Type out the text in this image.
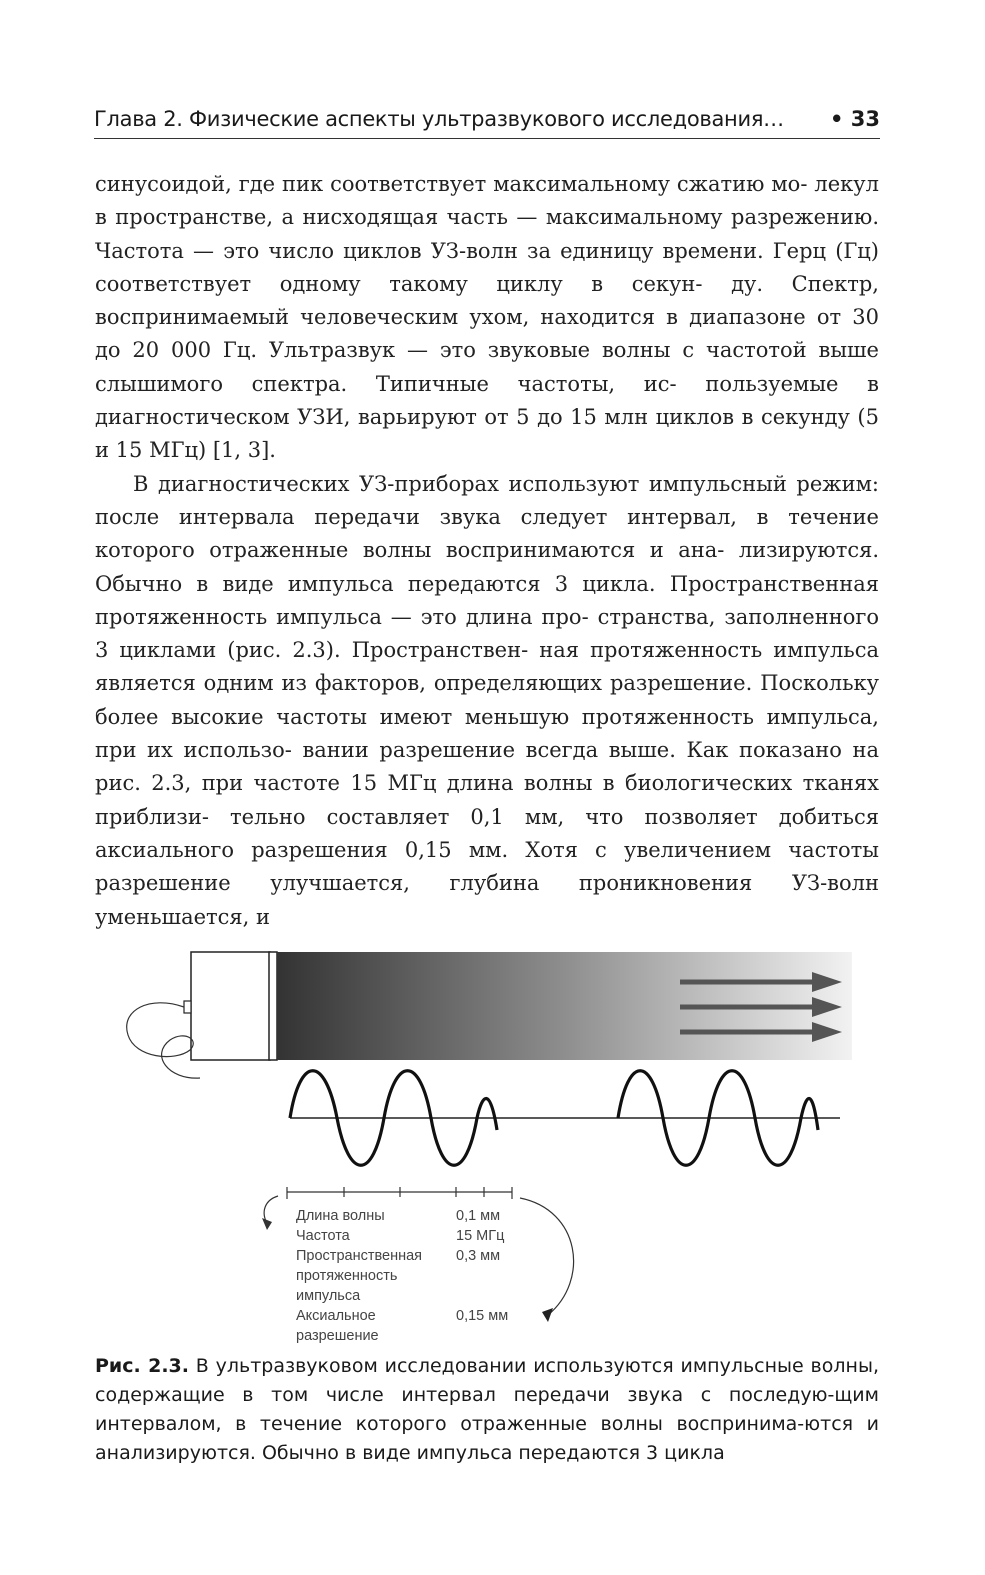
Глава 2. Физические аспекты ультразвукового исследования… • 33

синусоидой, где пик соответствует максимальному сжатию мо- лекул в пространстве, а нисходящая часть — максимальному разрежению. Частота — это число циклов УЗ-волн за единицу времени. Герц (Гц) соответствует одному такому циклу в секун- ду. Спектр, воспринимаемый человеческим ухом, находится в диапазоне от 30 до 20 000 Гц. Ультразвук — это звуковые волны с частотой выше слышимого спектра. Типичные частоты, ис- пользуемые в диагностическом УЗИ, варьируют от 5 до 15 млн циклов в секунду (5 и 15 МГц) [1, 3].

В диагностических УЗ-приборах используют импульсный режим: после интервала передачи звука следует интервал, в течение которого отраженные волны воспринимаются и ана- лизируются. Обычно в виде импульса передаются 3 цикла. Пространственная протяженность импульса — это длина про- странства, заполненного 3 циклами (рис. 2.3). Пространствен- ная протяженность импульса является одним из факторов, определяющих разрешение. Поскольку более высокие частоты имеют меньшую протяженность импульса, при их использо- вании разрешение всегда выше. Как показано на рис. 2.3, при частоте 15 МГц длина волны в биологических тканях приблизи- тельно составляет 0,1 мм, что позволяет добиться аксиального разрешения 0,15 мм. Хотя с увеличением частоты разрешение улучшается, глубина проникновения УЗ-волн уменьшается, и

Длина волны	0,1 мм
Частота	15 МГц
Пространственная протяженность импульса
0,3 мм
Аксиальное разрешение
0,15 мм
Рис. 2.3. В ультразвуковом исследовании используются импульсные волны, содержащие в том числе интервал передачи звука с последую-щим интервалом, в течение которого отраженные волны воспринима-ются и анализируются. Обычно в виде импульса передаются 3 цикла
